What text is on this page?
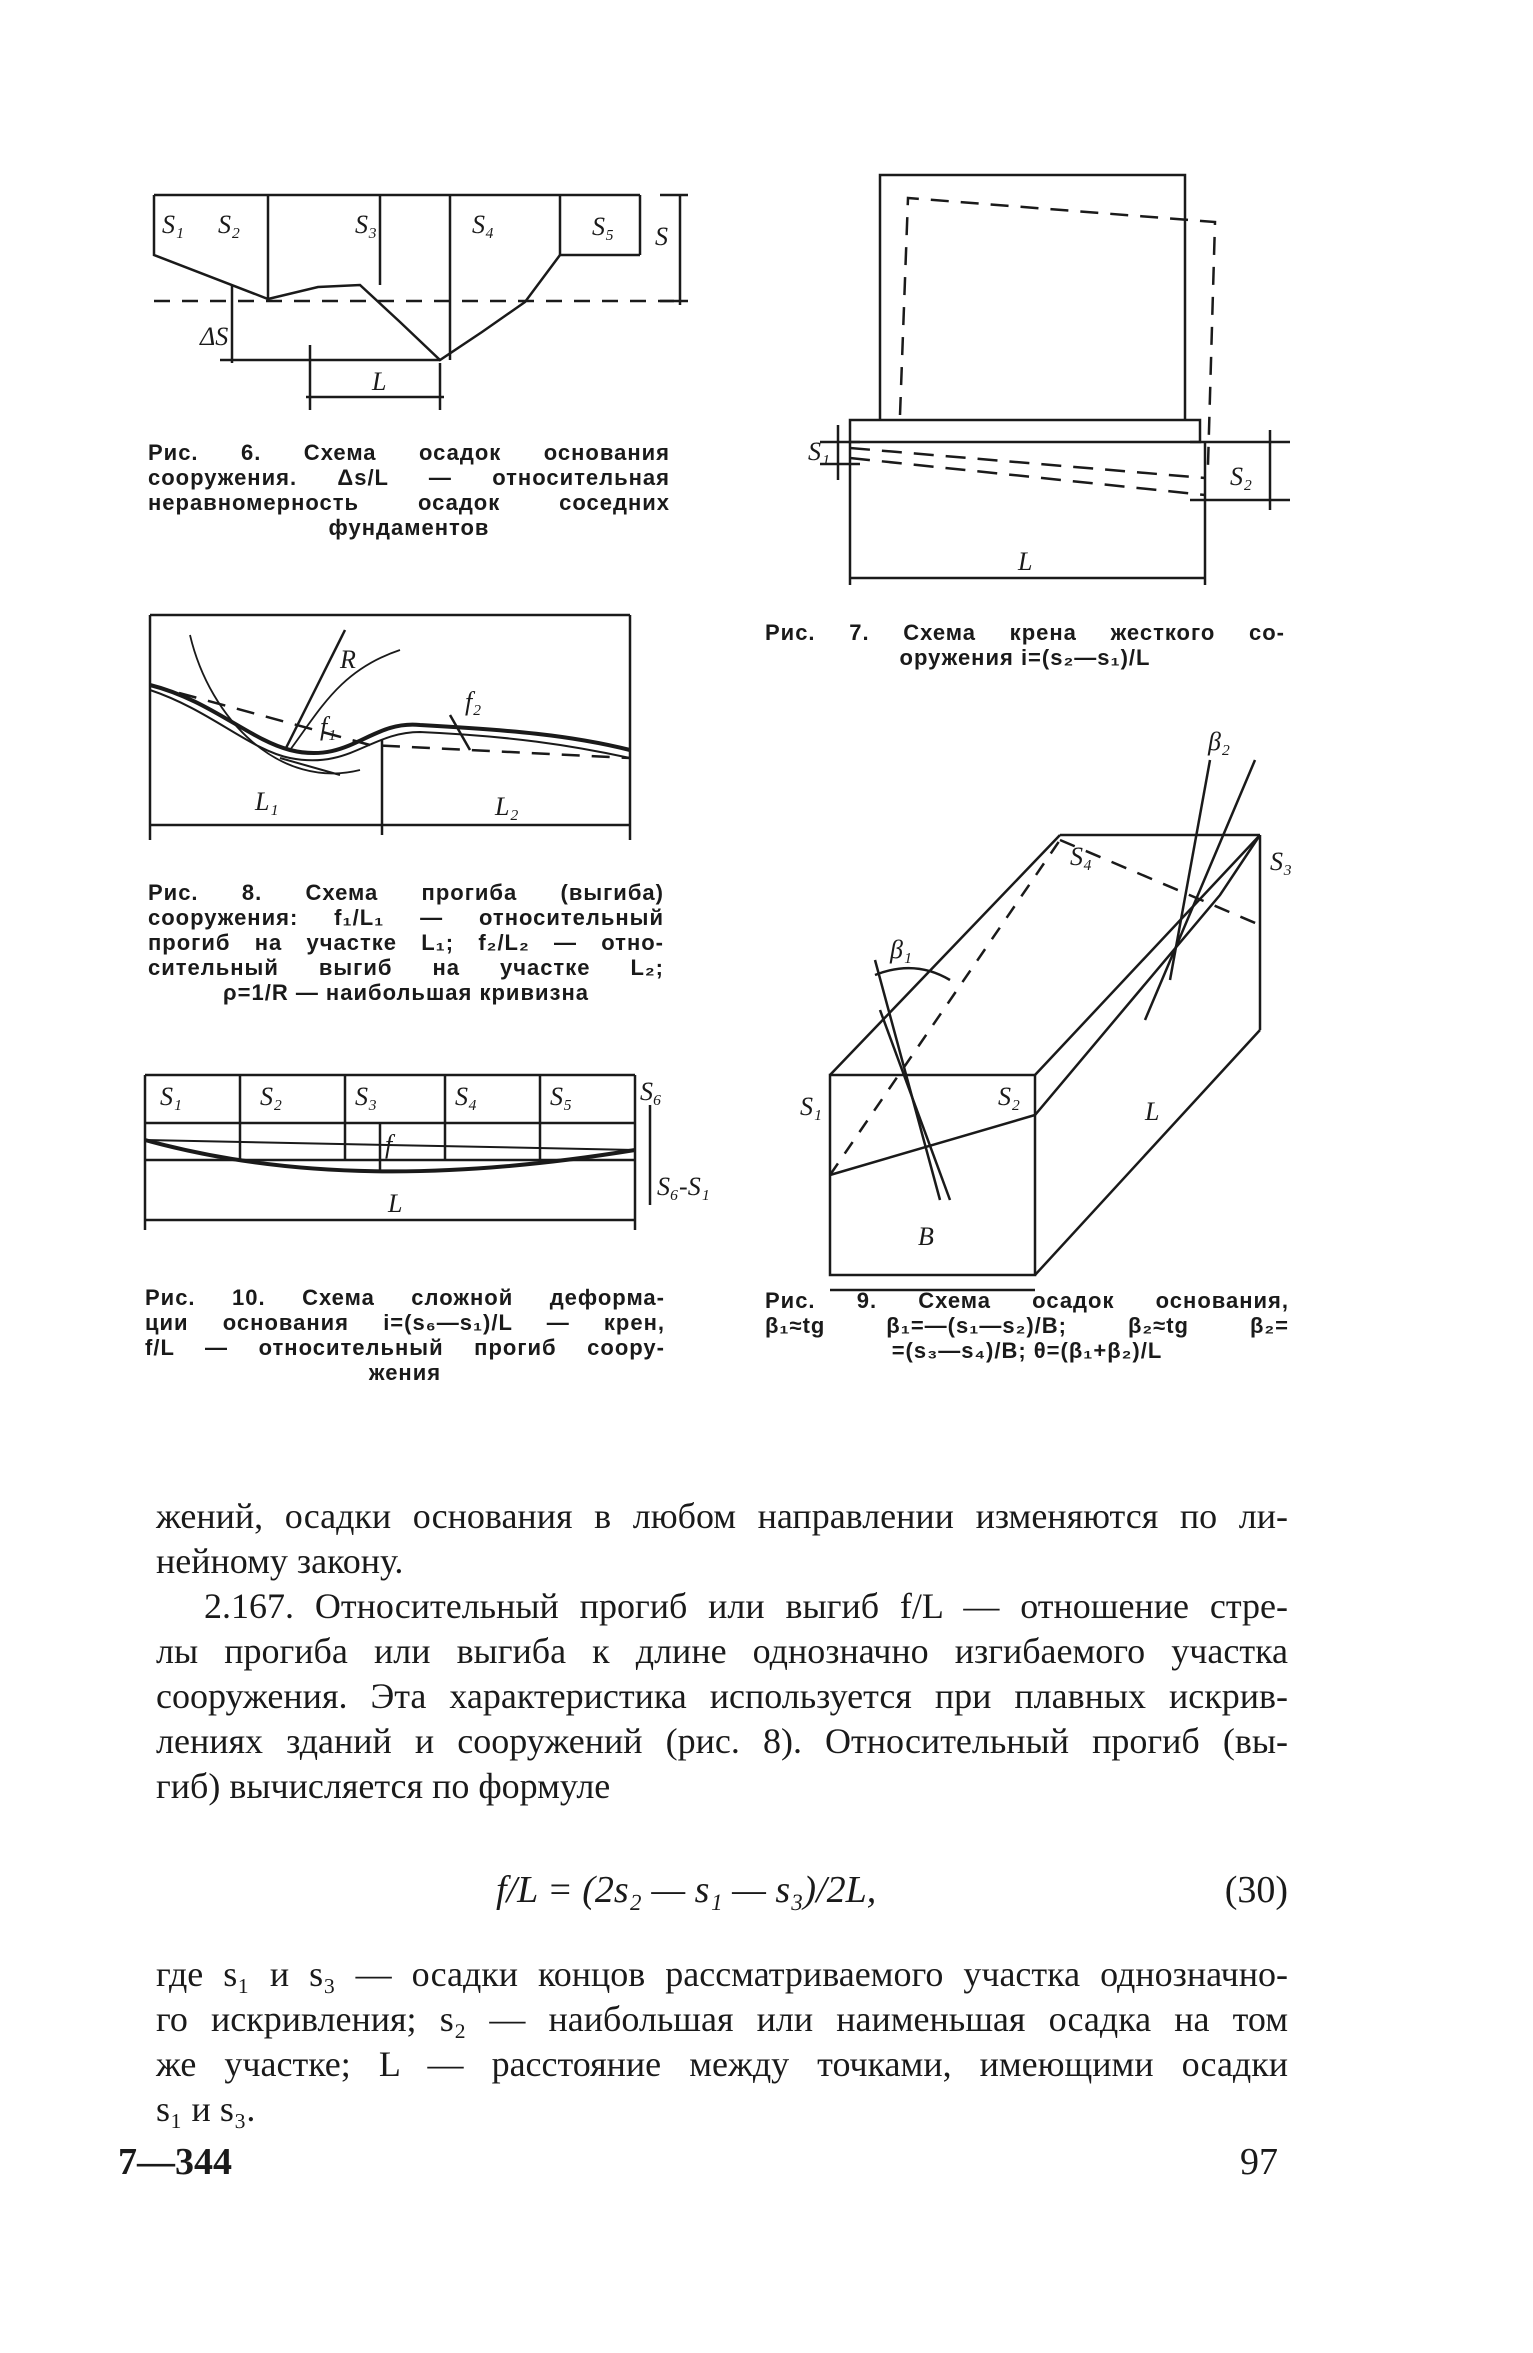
S₁ S₂	S₃	S₄	S₅ S
ΔS
L

Рис. 6. Схема осадок основания

сооружения. Δs/L — относительная

неравномерность осадок соседних

фундаментов

S₁
S₂
L

Рис. 7. Схема крена жесткого со-

оружения i=(s₂—s₁)/L

R
f₁
f₂
L₁	L₂

Рис. 8. Схема прогиба (выгиба)

сооружения: f₁/L₁ — относительный

прогиб на участке L₁; f₂/L₂ — отно-

сительный выгиб на участке L₂;

ρ=1/R — наибольшая кривизна

β₂
S₄	S₃
β₁
S₁	S₂
L
B

Рис. 9. Схема осадок основания,

β₁≈tg β₁=—(s₁—s₂)/B; β₂≈tg β₂=

=(s₃—s₄)/B; θ=(β₁+β₂)/L

S₁	S₂	S₃	S₄	S₅	S₆
f
L
S₆-S₁

Рис. 10. Схема сложной деформа-

ции основания i=(s₆—s₁)/L — крен,

f/L — относительный прогиб соору-

жения

жений, осадки основания в любом направлении изменяются по ли-

нейному закону.

2.167. Относительный прогиб или выгиб f/L — отношение стре-

лы прогиба или выгиба к длине однозначно изгибаемого участка

сооружения. Эта характеристика используется при плавных искрив-

лениях зданий и сооружений (рис. 8). Относительный прогиб (вы-

гиб) вычисляется по формуле

f/L = (2s₂ — s₁ — s₃)/2L,	(30)

где s₁ и s₃ — осадки концов рассматриваемого участка однозначно-

го искривления; s₂ — наибольшая или наименьшая осадка на том

же участке; L — расстояние между точками, имеющими осадки

s₁ и s₃.

7—344	97
